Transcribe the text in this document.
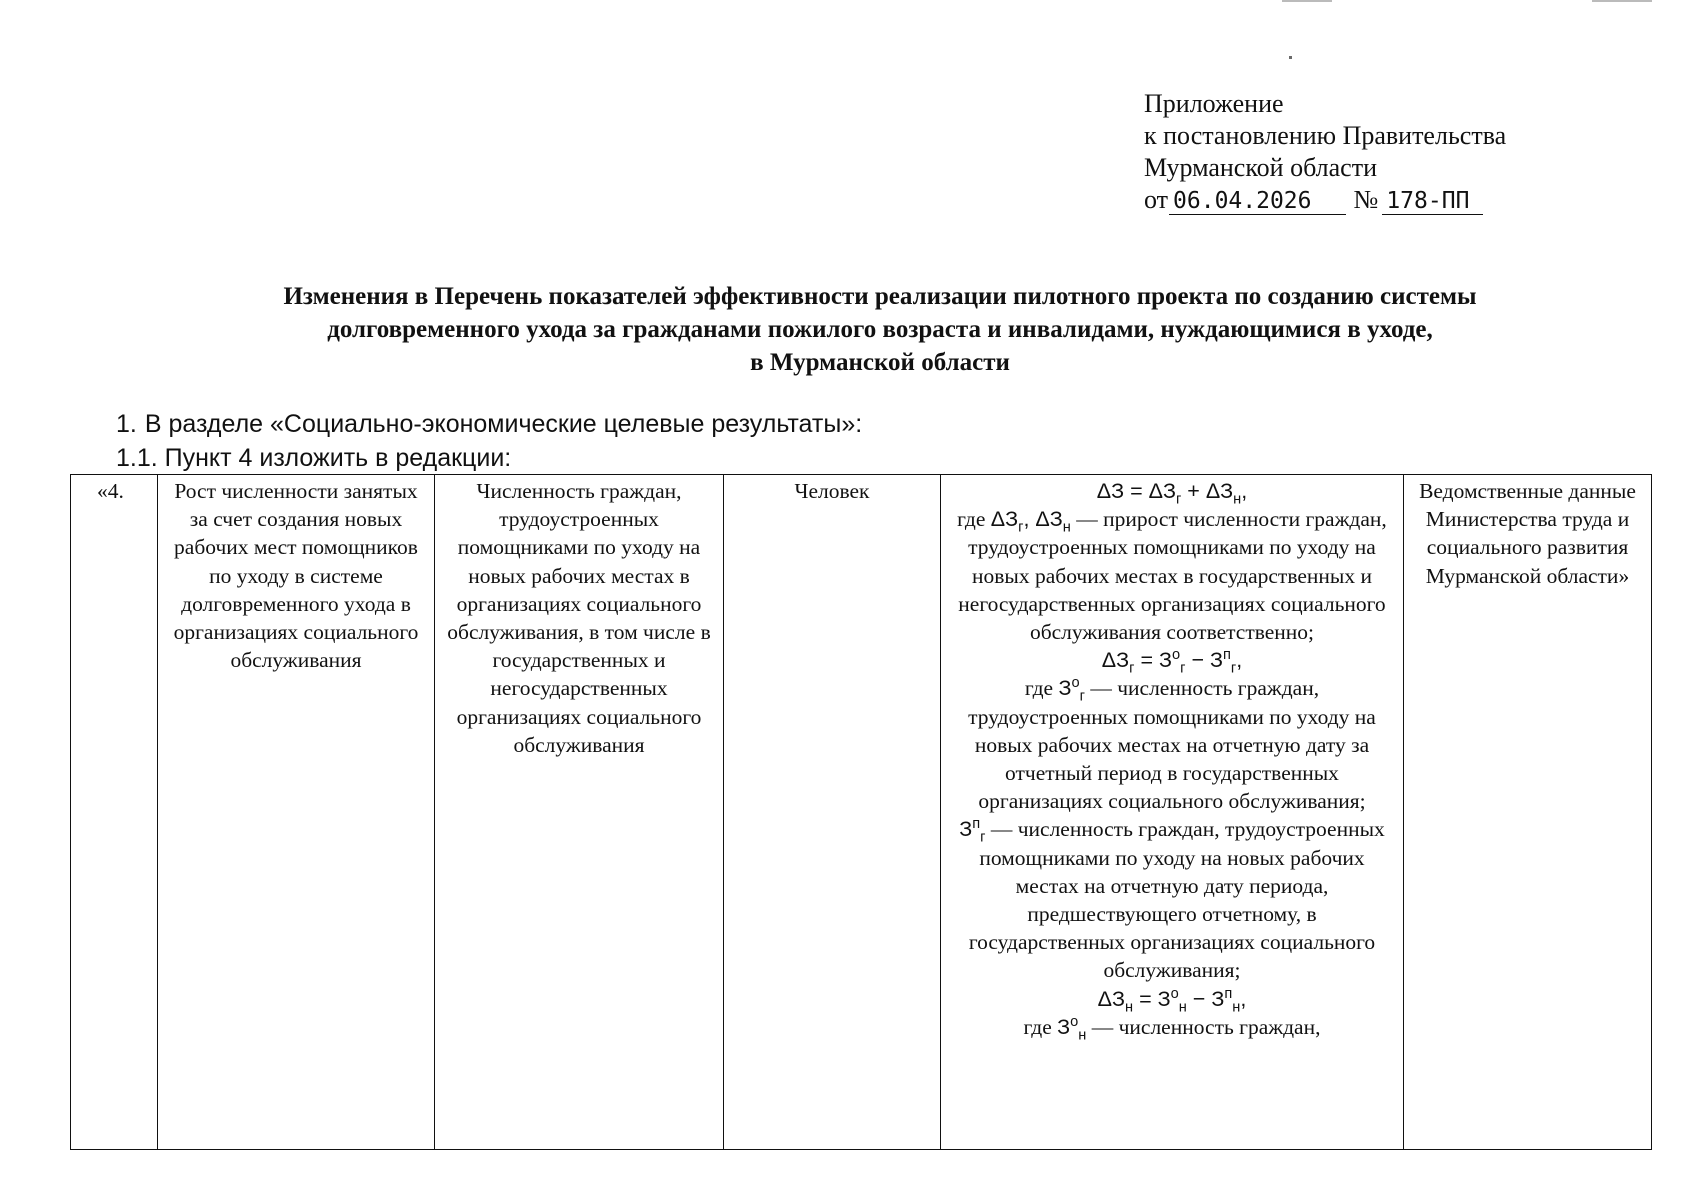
Приложение
к постановлению Правительства
Мурманской области
от 06.04.2026 № 178-ПП
Изменения в Перечень показателей эффективности реализации пилотного проекта по созданию системы
долговременного ухода за гражданами пожилого возраста и инвалидами, нуждающимися в уходе,
в Мурманской области
1. В разделе «Социально-экономические целевые результаты»:
1.1. Пункт 4 изложить в редакции:
«4.	Рост численности занятых за счет создания новых рабочих мест помощников по уходу в системе долговременного ухода в организациях социального обслуживания	Численность граждан, трудоустроенных помощниками по уходу на новых рабочих местах в организациях социального обслуживания, в том числе в государственных и негосударственных организациях социального обслуживания	Человек	$\Delta З = \Delta З_г + \Delta З_н$,
где $\Delta З_г$, $\Delta З_н$ — прирост численности граждан, трудоустроенных помощниками по уходу на новых рабочих местах в государственных и негосударственных организациях социального обслуживания соответственно;
$\Delta З_г = З^о_г - З^п_г$,
где $З^о_г$ — численность граждан, трудоустроенных помощниками по уходу на новых рабочих местах на отчетную дату за отчетный период в государственных организациях социального обслуживания;
$З^п_г$ — численность граждан, трудоустроенных помощниками по уходу на новых рабочих местах на отчетную дату периода, предшествующего отчетному, в государственных организациях социального обслуживания;
$\Delta З_н = З^о_н - З^п_н$,
где $З^о_н$ — численность граждан,
	Ведомственные данные Министерства труда и социального развития Мурманской области»
